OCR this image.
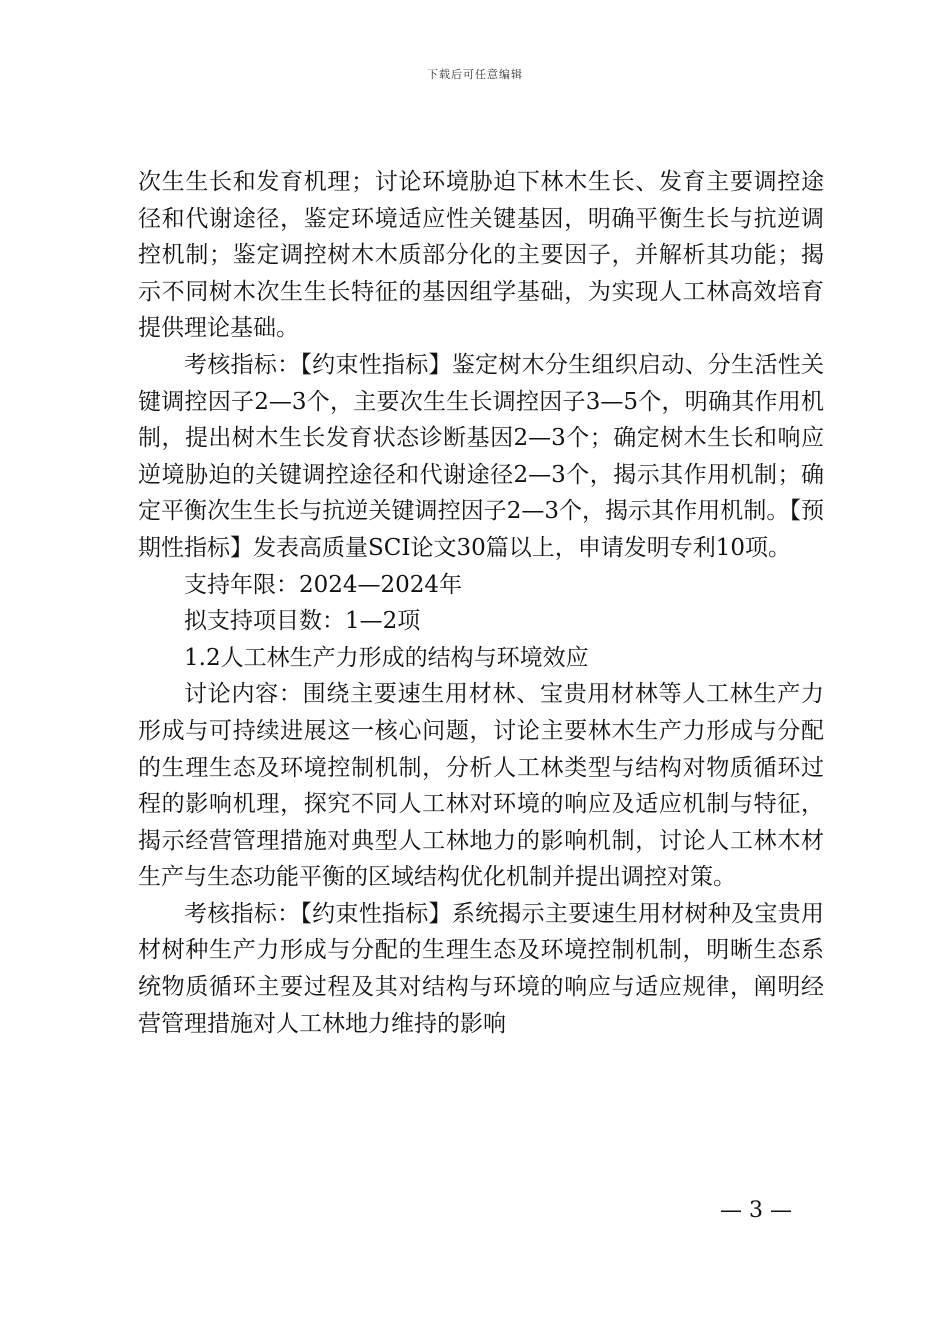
下载后可任意编辑

次生生长和发育机理；讨论环境胁迫下林木生长、发育主要调控途径和代谢途径，鉴定环境适应性关键基因，明确平衡生长与抗逆调控机制；鉴定调控树木木质部分化的主要因子，并解析其功能；揭示不同树木次生生长特征的基因组学基础，为实现人工林高效培育提供理论基础。

考核指标：【约束性指标】鉴定树木分生组织启动、分生活性关键调控因子2—3个，主要次生生长调控因子3—5个，明确其作用机制，提出树木生长发育状态诊断基因2—3个；确定树木生长和响应逆境胁迫的关键调控途径和代谢途径2—3个，揭示其作用机制；确定平衡次生生长与抗逆关键调控因子2—3个，揭示其作用机制。【预期性指标】发表高质量SCI论文30篇以上，申请发明专利10项。

支持年限：2024—2024年

拟支持项目数：1—2项

1.2人工林生产力形成的结构与环境效应

讨论内容：围绕主要速生用材林、宝贵用材林等人工林生产力形成与可持续进展这一核心问题，讨论主要林木生产力形成与分配的生理生态及环境控制机制，分析人工林类型与结构对物质循环过程的影响机理，探究不同人工林对环境的响应及适应机制与特征，揭示经营管理措施对典型人工林地力的影响机制，讨论人工林木材生产与生态功能平衡的区域结构优化机制并提出调控对策。

考核指标：【约束性指标】系统揭示主要速生用材树种及宝贵用材树种生产力形成与分配的生理生态及环境控制机制，明晰生态系统物质循环主要过程及其对结构与环境的响应与适应规律，阐明经营管理措施对人工林地力维持的影响

— 3 —
